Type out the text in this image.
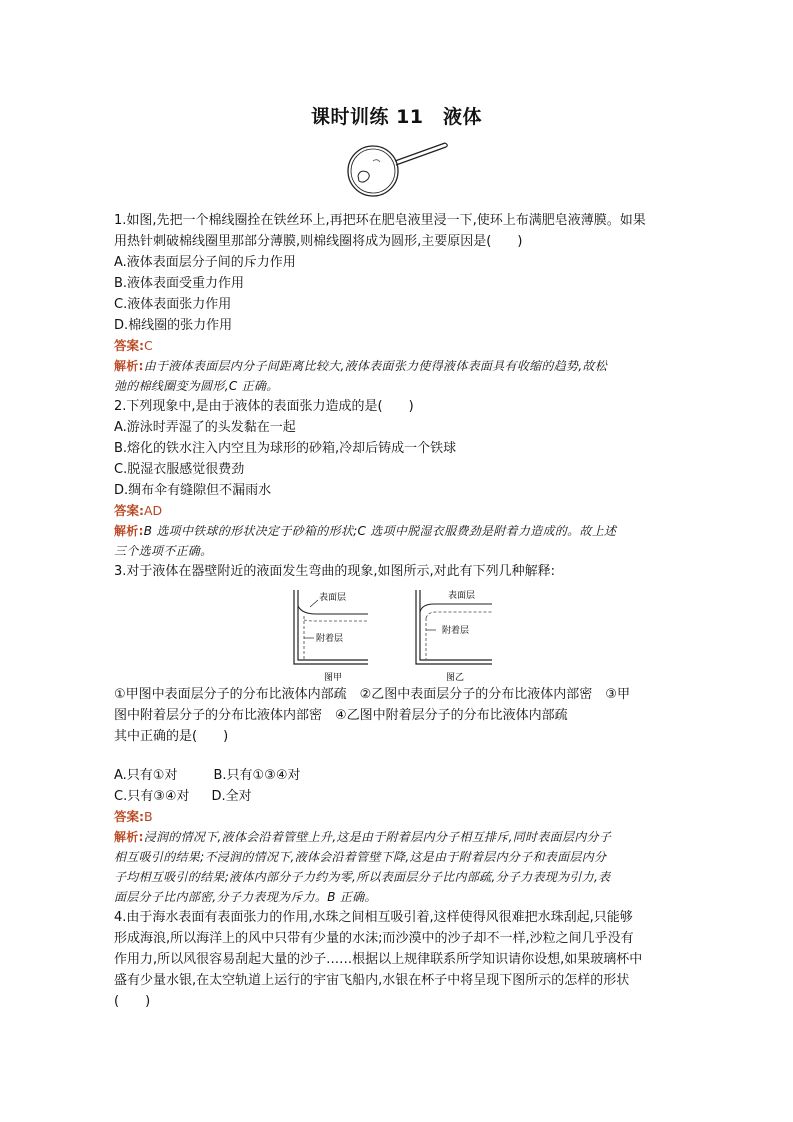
课时训练 11　液体
1.如图,先把一个棉线圈拴在铁丝环上,再把环在肥皂液里浸一下,使环上布满肥皂液薄膜。如果
用热针刺破棉线圈里那部分薄膜,则棉线圈将成为圆形,主要原因是(　　)
A.液体表面层分子间的斥力作用
B.液体表面受重力作用
C.液体表面张力作用
D.棉线圈的张力作用
答案:C
解析:由于液体表面层内分子间距离比较大,液体表面张力使得液体表面具有收缩的趋势,故松
弛的棉线圈变为圆形,C 正确。
2.下列现象中,是由于液体的表面张力造成的是(　　)
A.游泳时弄湿了的头发黏在一起
B.熔化的铁水注入内空且为球形的砂箱,冷却后铸成一个铁球
C.脱湿衣服感觉很费劲
D.绸布伞有缝隙但不漏雨水
答案:AD
解析:B 选项中铁球的形状决定于砂箱的形状;C 选项中脱湿衣服费劲是附着力造成的。故上述
三个选项不正确。
3.对于液体在器壁附近的液面发生弯曲的现象,如图所示,对此有下列几种解释:
表面层
附着层
图甲
表面层
附着层
图乙
①甲图中表面层分子的分布比液体内部疏　②乙图中表面层分子的分布比液体内部密　③甲
图中附着层分子的分布比液体内部密　④乙图中附着层分子的分布比液体内部疏
其中正确的是(　　)
A.只有①对	B.只有①③④对
C.只有③④对 D.全对
答案:B
解析:浸润的情况下,液体会沿着管壁上升,这是由于附着层内分子相互排斥,同时表面层内分子
相互吸引的结果;不浸润的情况下,液体会沿着管壁下降,这是由于附着层内分子和表面层内分
子均相互吸引的结果;液体内部分子力约为零,所以表面层分子比内部疏,分子力表现为引力,表
面层分子比内部密,分子力表现为斥力。B 正确。
4.由于海水表面有表面张力的作用,水珠之间相互吸引着,这样使得风很难把水珠刮起,只能够
形成海浪,所以海洋上的风中只带有少量的水沫;而沙漠中的沙子却不一样,沙粒之间几乎没有
作用力,所以风很容易刮起大量的沙子……根据以上规律联系所学知识请你设想,如果玻璃杯中
盛有少量水银,在太空轨道上运行的宇宙飞船内,水银在杯子中将呈现下图所示的怎样的形状
(　　)
